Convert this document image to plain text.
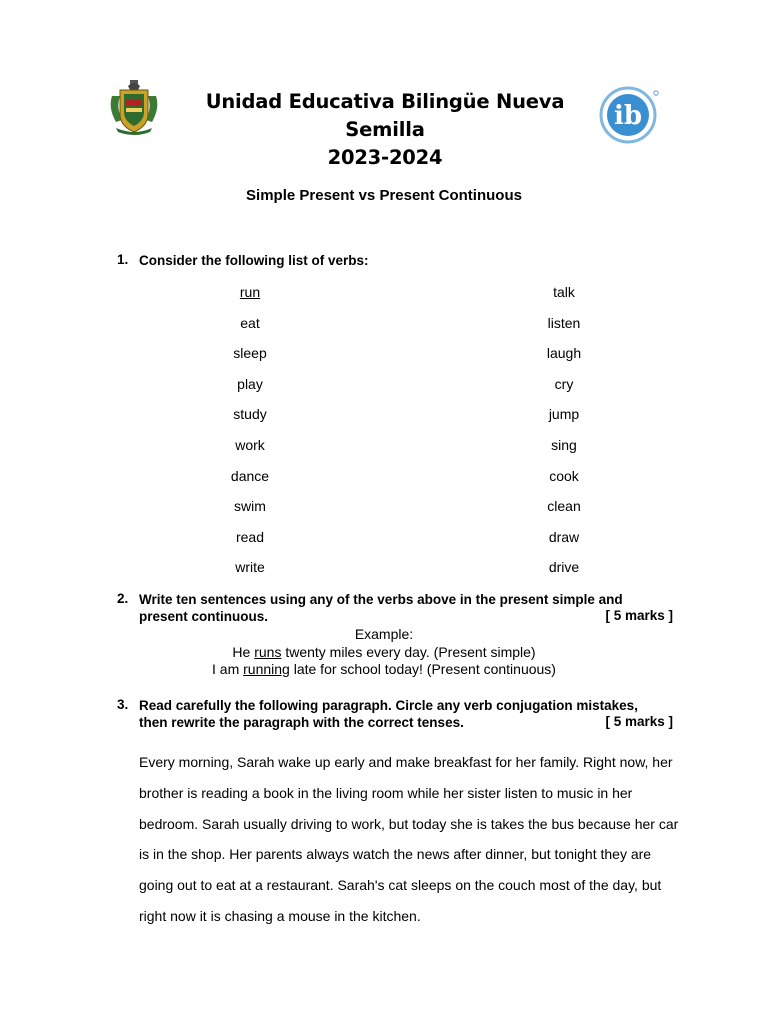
Unidad Educativa Bilingüe Nueva Semilla
2023-2024
ib
Simple Present vs Present Continuous
1. Consider the following list of verbs:
run
eat
sleep
play
study
work
dance
swim
read
write
talk
listen
laugh
cry
jump
sing
cook
clean
draw
drive
2. Write ten sentences using any of the verbs above in the present simple and
present continuous.	[ 5 marks ]
Example:
He runs twenty miles every day. (Present simple)
I am running late for school today! (Present continuous)
3. Read carefully the following paragraph. Circle any verb conjugation mistakes,
then rewrite the paragraph with the correct tenses.	[ 5 marks ]
Every morning, Sarah wake up early and make breakfast for her family. Right now, her brother is reading a book in the living room while her sister listen to music in her bedroom. Sarah usually driving to work, but today she is takes the bus because her car is in the shop. Her parents always watch the news after dinner, but tonight they are going out to eat at a restaurant. Sarah's cat sleeps on the couch most of the day, but right now it is chasing a mouse in the kitchen.
